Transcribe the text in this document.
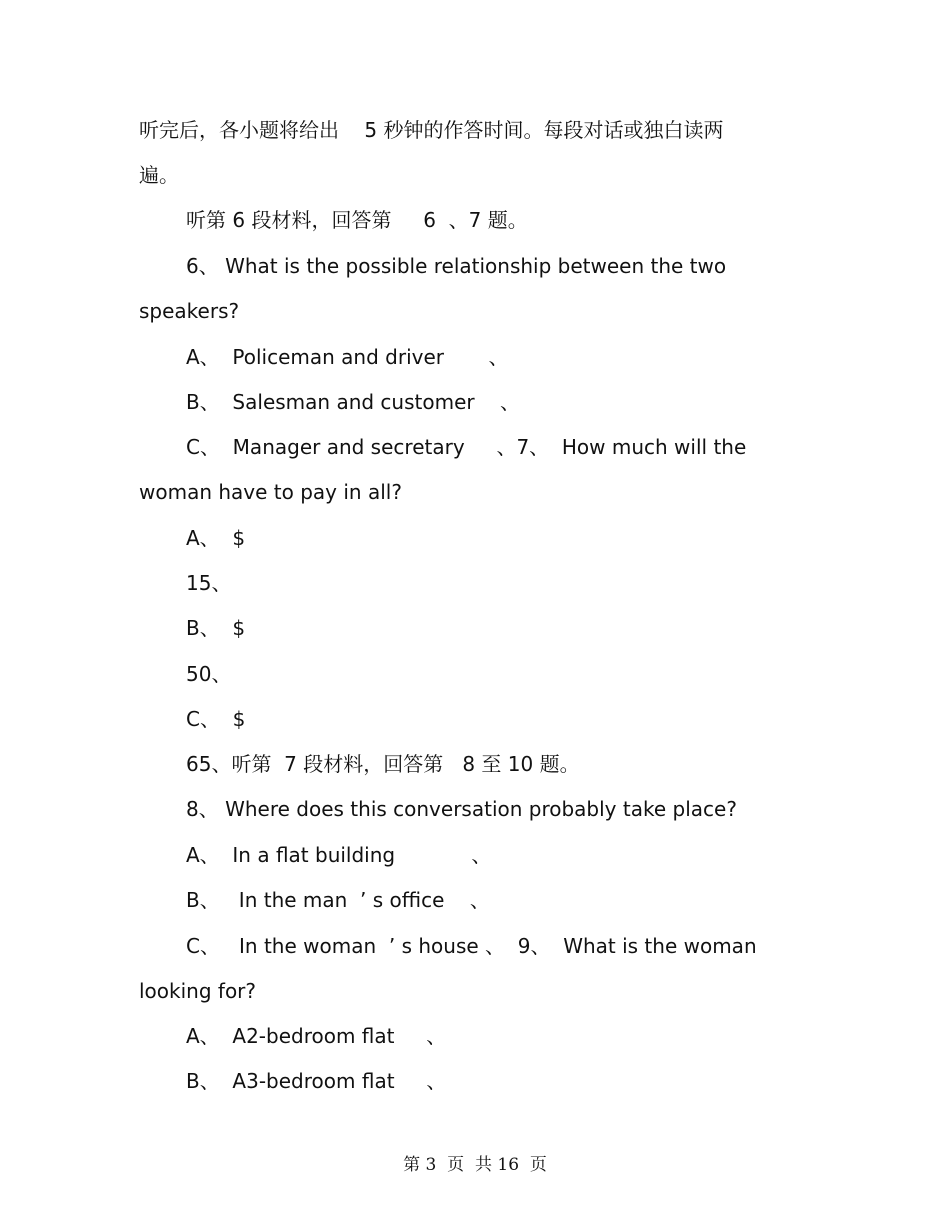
听完后，各小题将给出    5 秒钟的作答时间。每段对话或独白读两

遍。

听第 6 段材料，回答第     6  、7 题。

6、 What is the possible relationship between the two

speakers?

A、  Policeman and driver       、

B、  Salesman and customer    、

C、  Manager and secretary     、7、  How much will the

woman have to pay in all?

A、  $

15、

B、  $

50、

C、  $

65、听第  7 段材料，回答第   8 至 10 题。

8、 Where does this conversation probably take place?

A、  In a flat building            、

B、   In the man  ’ s office    、

C、   In the woman  ’ s house 、  9、  What is the woman

looking for?

A、  A2-bedroom flat     、

B、  A3-bedroom flat     、

第 3  页  共 16  页
